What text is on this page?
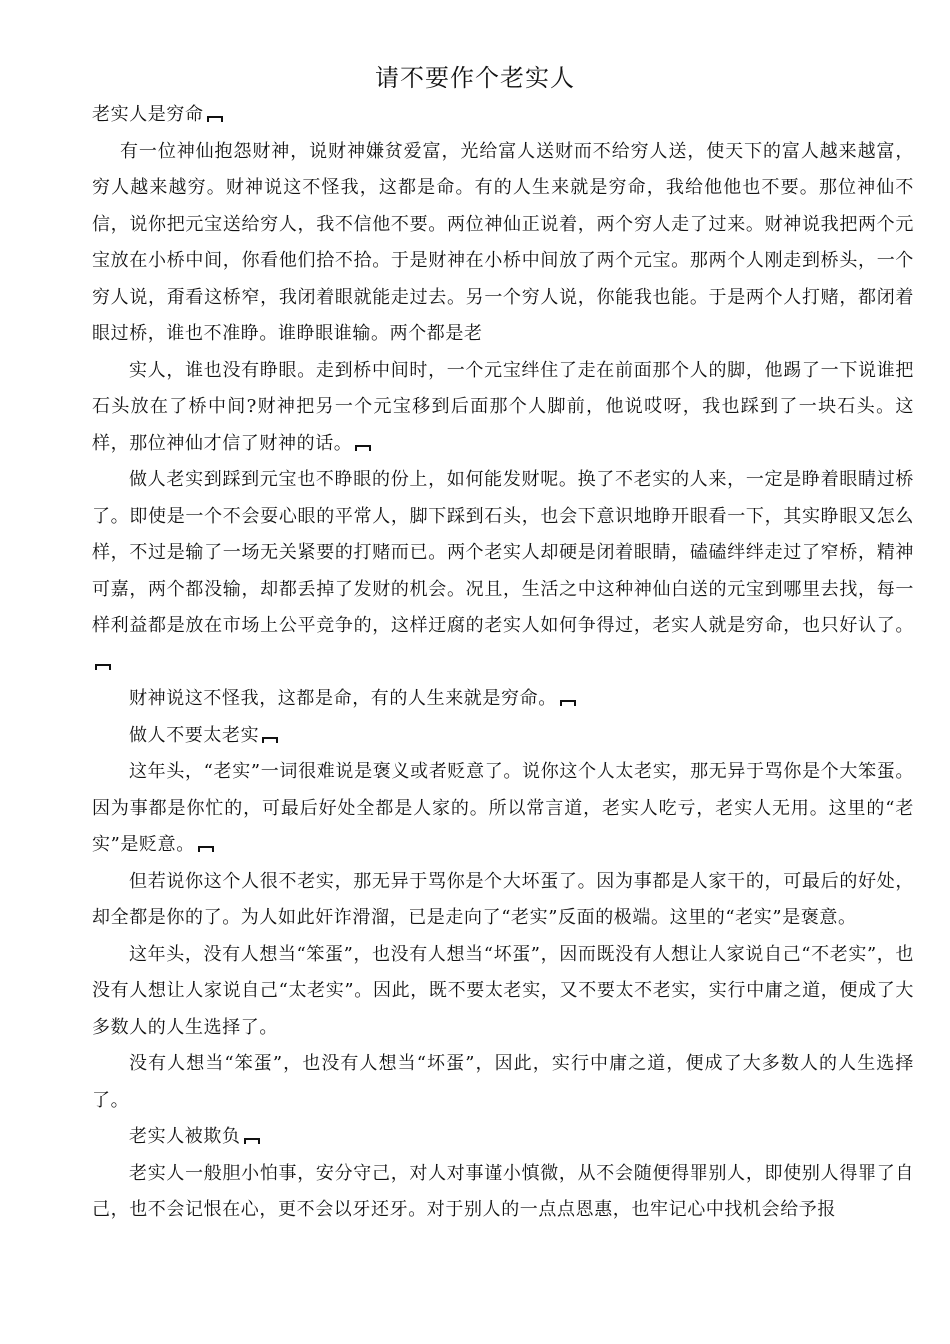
请不要作个老实人

老实人是穷命

有一位神仙抱怨财神，说财神嫌贫爱富，光给富人送财而不给穷人送，使天下的富人越来越富，穷人越来越穷。财神说这不怪我，这都是命。有的人生来就是穷命，我给他他也不要。那位神仙不信，说你把元宝送给穷人，我不信他不要。两位神仙正说着，两个穷人走了过来。财神说我把两个元宝放在小桥中间，你看他们拾不拾。于是财神在小桥中间放了两个元宝。那两个人刚走到桥头，一个穷人说，甭看这桥窄，我闭着眼就能走过去。另一个穷人说，你能我也能。于是两个人打赌，都闭着眼过桥，谁也不准睁。谁睁眼谁输。两个都是老

实人，谁也没有睁眼。走到桥中间时，一个元宝绊住了走在前面那个人的脚，他踢了一下说谁把石头放在了桥中间?财神把另一个元宝移到后面那个人脚前，他说哎呀，我也踩到了一块石头。这样，那位神仙才信了财神的话。

做人老实到踩到元宝也不睁眼的份上，如何能发财呢。换了不老实的人来，一定是睁着眼睛过桥了。即使是一个不会耍心眼的平常人，脚下踩到石头，也会下意识地睁开眼看一下，其实睁眼又怎么样，不过是输了一场无关紧要的打赌而已。两个老实人却硬是闭着眼睛，磕磕绊绊走过了窄桥，精神可嘉，两个都没输，却都丢掉了发财的机会。况且，生活之中这种神仙白送的元宝到哪里去找，每一样利益都是放在市场上公平竞争的，这样迂腐的老实人如何争得过，老实人就是穷命，也只好认了。

财神说这不怪我，这都是命，有的人生来就是穷命。

做人不要太老实

这年头，“老实”一词很难说是褒义或者贬意了。说你这个人太老实，那无异于骂你是个大笨蛋。因为事都是你忙的，可最后好处全都是人家的。所以常言道，老实人吃亏，老实人无用。这里的“老实”是贬意。

但若说你这个人很不老实，那无异于骂你是个大坏蛋了。因为事都是人家干的，可最后的好处，却全都是你的了。为人如此奸诈滑溜，已是走向了“老实”反面的极端。这里的“老实”是褒意。

这年头，没有人想当“笨蛋”，也没有人想当“坏蛋”，因而既没有人想让人家说自己“不老实”，也没有人想让人家说自己“太老实”。因此，既不要太老实，又不要太不老实，实行中庸之道，便成了大多数人的人生选择了。

没有人想当“笨蛋”，也没有人想当“坏蛋”，因此，实行中庸之道，便成了大多数人的人生选择了。

老实人被欺负

老实人一般胆小怕事，安分守己，对人对事谨小慎微，从不会随便得罪别人，即使别人得罪了自己，也不会记恨在心，更不会以牙还牙。对于别人的一点点恩惠，也牢记心中找机会给予报
